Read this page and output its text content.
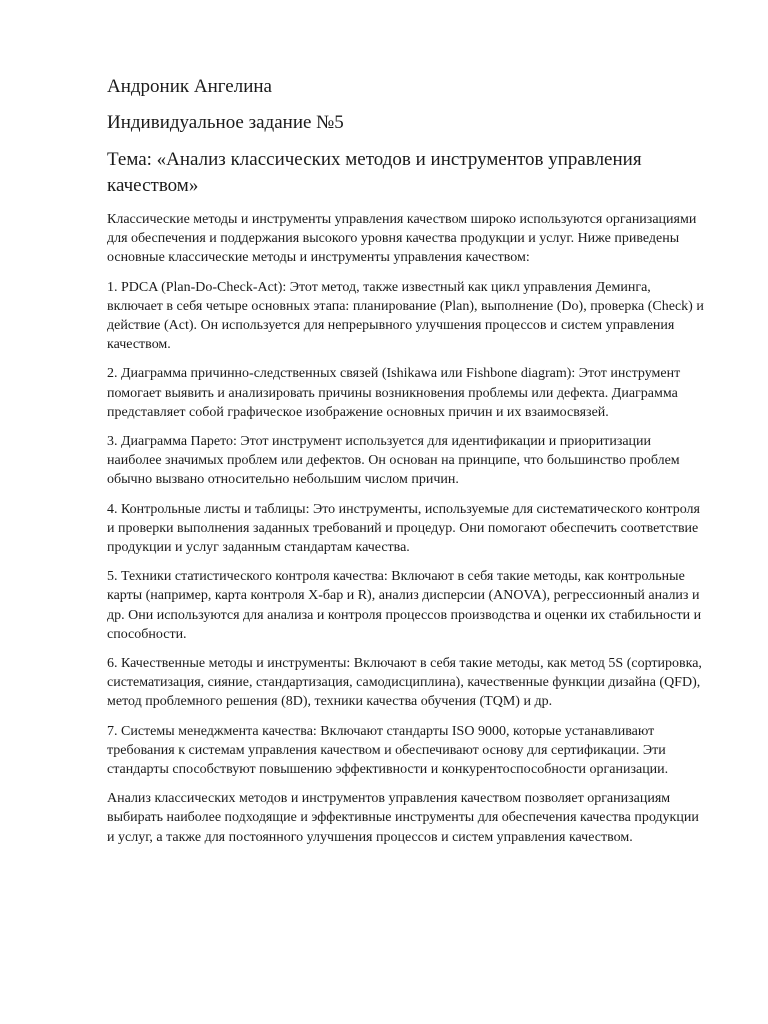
Андроник Ангелина

Индивидуальное задание №5

Тема: «Анализ классических методов и инструментов управления качеством»

Классические методы и инструменты управления качеством широко используются организациями для обеспечения и поддержания высокого уровня качества продукции и услуг. Ниже приведены основные классические методы и инструменты управления качеством:

1. PDCA (Plan-Do-Check-Act): Этот метод, также известный как цикл управления Деминга, включает в себя четыре основных этапа: планирование (Plan), выполнение (Do), проверка (Check) и действие (Act). Он используется для непрерывного улучшения процессов и систем управления качеством.

2. Диаграмма причинно-следственных связей (Ishikawa или Fishbone diagram): Этот инструмент помогает выявить и анализировать причины возникновения проблемы или дефекта. Диаграмма представляет собой графическое изображение основных причин и их взаимосвязей.

3. Диаграмма Парето: Этот инструмент используется для идентификации и приоритизации наиболее значимых проблем или дефектов. Он основан на принципе, что большинство проблем обычно вызвано относительно небольшим числом причин.

4. Контрольные листы и таблицы: Это инструменты, используемые для систематического контроля и проверки выполнения заданных требований и процедур. Они помогают обеспечить соответствие продукции и услуг заданным стандартам качества.

5. Техники статистического контроля качества: Включают в себя такие методы, как контрольные карты (например, карта контроля X-бар и R), анализ дисперсии (ANOVA), регрессионный анализ и др. Они используются для анализа и контроля процессов производства и оценки их стабильности и способности.

6. Качественные методы и инструменты: Включают в себя такие методы, как метод 5S (сортировка, систематизация, сияние, стандартизация, самодисциплина), качественные функции дизайна (QFD), метод проблемного решения (8D), техники качества обучения (TQM) и др.

7. Системы менеджмента качества: Включают стандарты ISO 9000, которые устанавливают требования к системам управления качеством и обеспечивают основу для сертификации. Эти стандарты способствуют повышению эффективности и конкурентоспособности организации.

Анализ классических методов и инструментов управления качеством позволяет организациям выбирать наиболее подходящие и эффективные инструменты для обеспечения качества продукции и услуг, а также для постоянного улучшения процессов и систем управления качеством.
